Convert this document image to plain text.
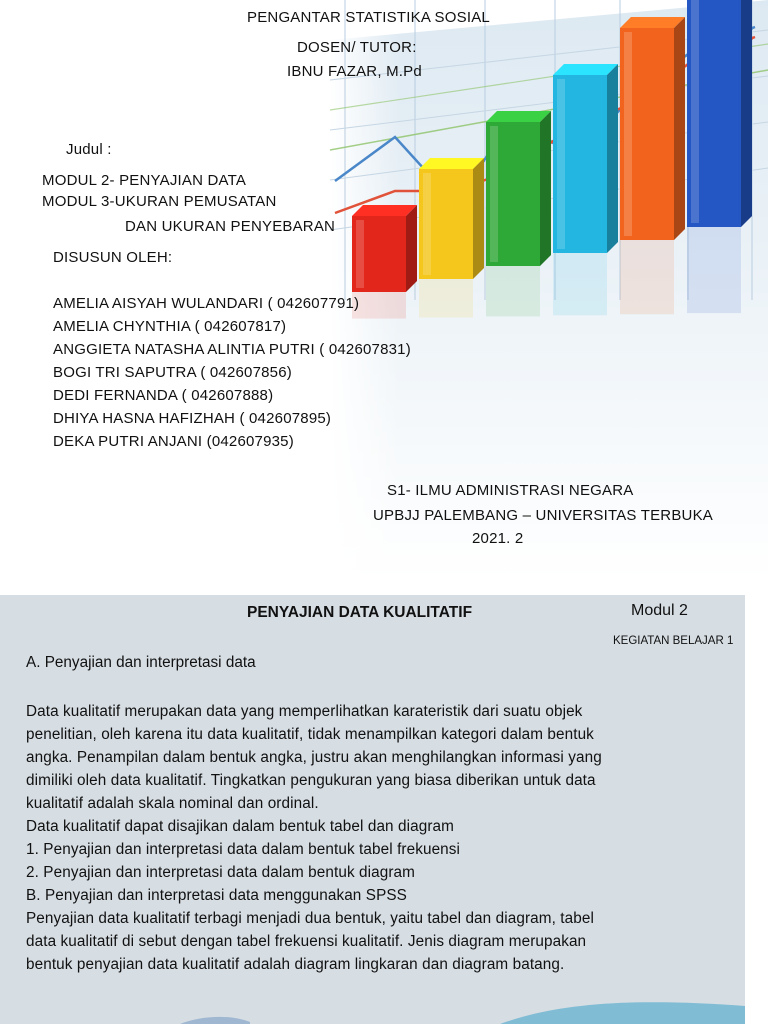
PENGANTAR STATISTIKA SOSIAL
DOSEN/ TUTOR:
IBNU FAZAR, M.Pd
Judul :
MODUL 2- PENYAJIAN DATA
MODUL 3-UKURAN PEMUSATAN
DAN UKURAN PENYEBARAN
DISUSUN OLEH:
AMELIA AISYAH WULANDARI ( 042607791)
AMELIA CHYNTHIA ( 042607817)
ANGGIETA NATASHA ALINTIA PUTRI ( 042607831)
BOGI TRI SAPUTRA ( 042607856)
DEDI FERNANDA ( 042607888)
DHIYA HASNA HAFIZHAH ( 042607895)
DEKA PUTRI ANJANI (042607935)
S1- ILMU ADMINISTRASI NEGARA
UPBJJ PALEMBANG – UNIVERSITAS TERBUKA
2021. 2
PENYAJIAN DATA KUALITATIF	Modul 2
KEGIATAN BELAJAR 1
A. Penyajian dan interpretasi data
Data kualitatif merupakan data yang memperlihatkan karateristik dari suatu objek
penelitian, oleh karena itu data kualitatif, tidak menampilkan kategori dalam bentuk
angka. Penampilan dalam bentuk angka, justru akan menghilangkan informasi yang
dimiliki oleh data kualitatif. Tingkatkan pengukuran yang biasa diberikan untuk data
kualitatif adalah skala nominal dan ordinal.
Data kualitatif dapat disajikan dalam bentuk tabel dan diagram
1. Penyajian dan interpretasi data dalam bentuk tabel frekuensi
2. Penyajian dan interpretasi data dalam bentuk diagram
B. Penyajian dan interpretasi data menggunakan SPSS
Penyajian data kualitatif terbagi menjadi dua bentuk, yaitu tabel dan diagram, tabel
data kualitatif di sebut dengan tabel frekuensi kualitatif. Jenis diagram merupakan
bentuk penyajian data kualitatif adalah diagram lingkaran dan diagram batang.
